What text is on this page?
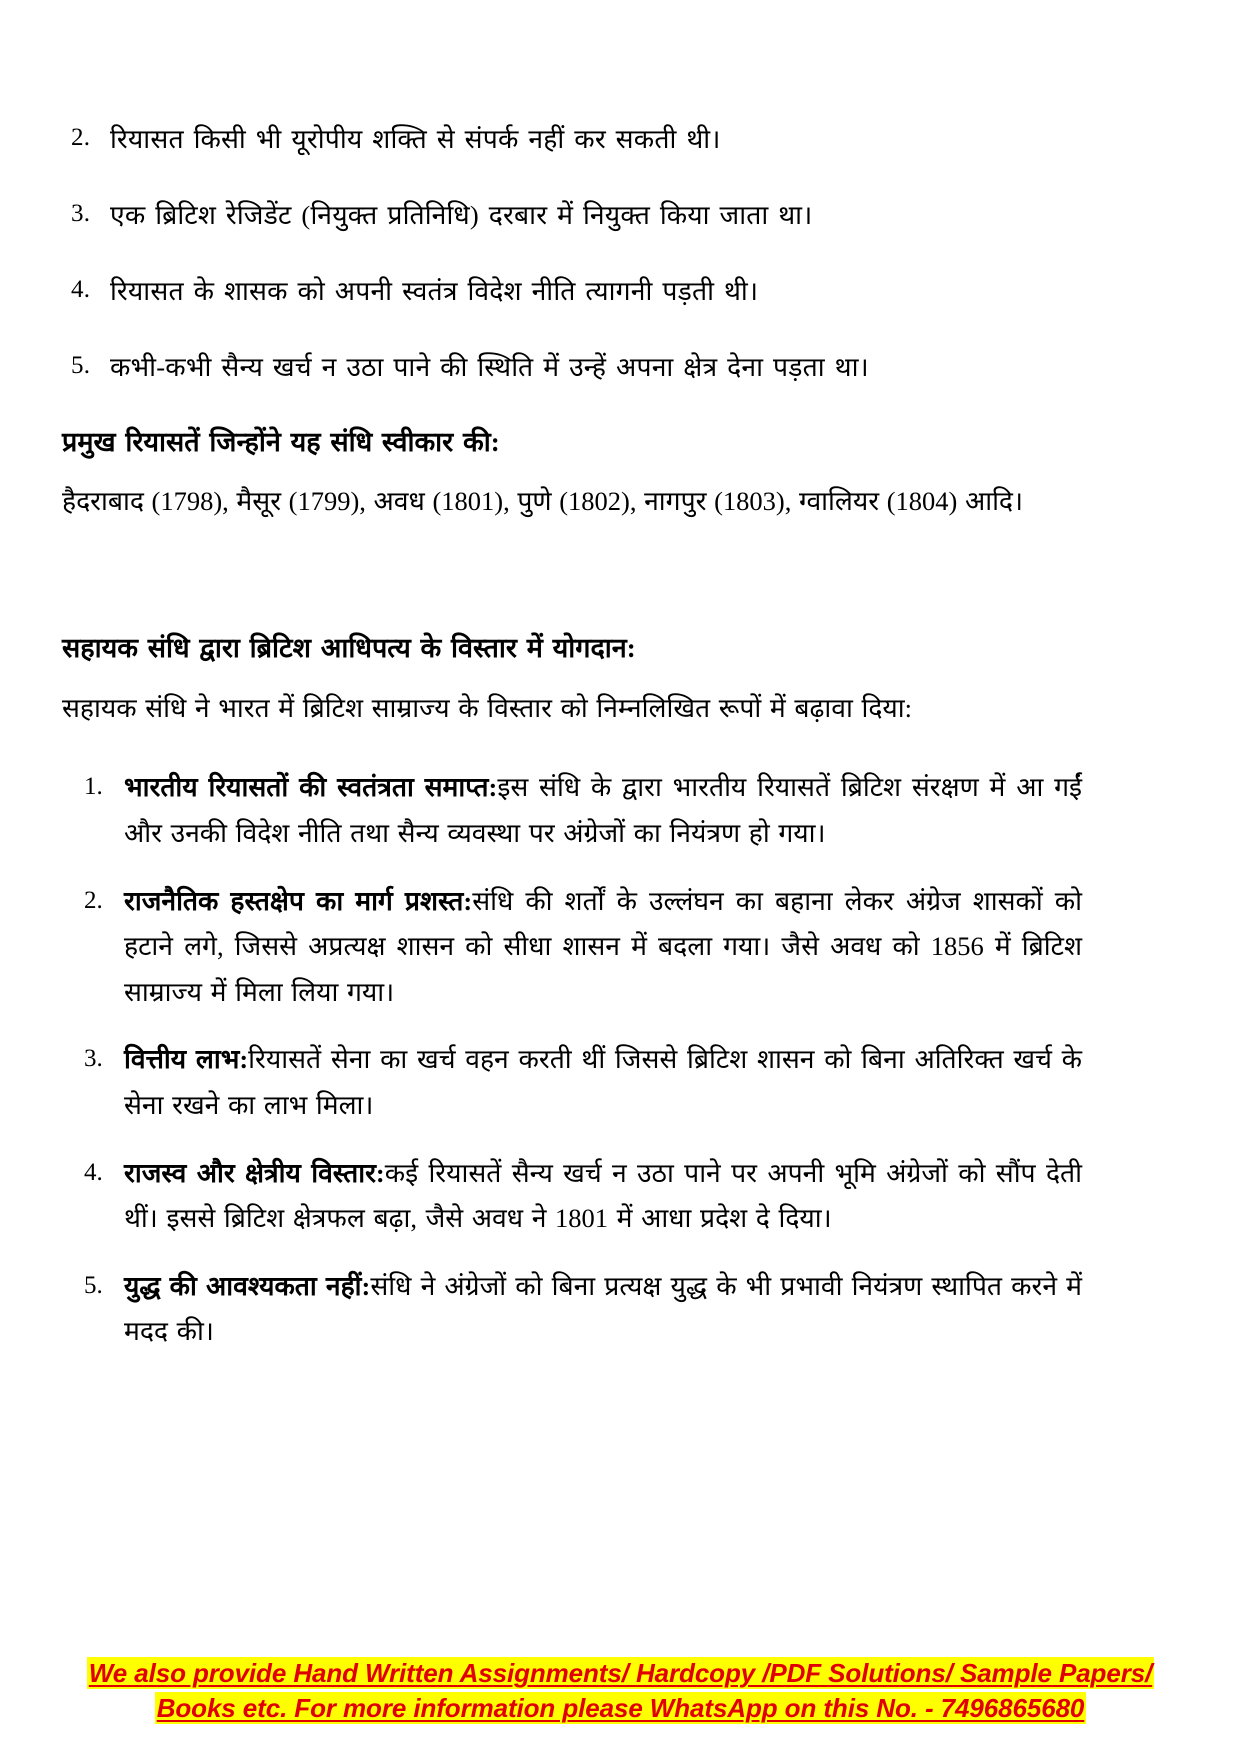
2. रियासत किसी भी यूरोपीय शक्ति से संपर्क नहीं कर सकती थी।
3. एक ब्रिटिश रेजिडेंट (नियुक्त प्रतिनिधि) दरबार में नियुक्त किया जाता था।
4. रियासत के शासक को अपनी स्वतंत्र विदेश नीति त्यागनी पड़ती थी।
5. कभी-कभी सैन्य खर्च न उठा पाने की स्थिति में उन्हें अपना क्षेत्र देना पड़ता था।

प्रमुख रियासतें जिन्होंने यह संधि स्वीकार की:

हैदराबाद (1798), मैसूर (1799), अवध (1801), पुणे (1802), नागपुर (1803), ग्वालियर (1804) आदि।

सहायक संधि द्वारा ब्रिटिश आधिपत्य के विस्तार में योगदान:

सहायक संधि ने भारत में ब्रिटिश साम्राज्य के विस्तार को निम्नलिखित रूपों में बढ़ावा दिया:

1. भारतीय रियासतों की स्वतंत्रता समाप्त:इस संधि के द्वारा भारतीय रियासतें ब्रिटिश संरक्षण में आ गईं और उनकी विदेश नीति तथा सैन्य व्यवस्था पर अंग्रेजों का नियंत्रण हो गया।
2. राजनैतिक हस्तक्षेप का मार्ग प्रशस्त:संधि की शर्तों के उल्लंघन का बहाना लेकर अंग्रेज शासकों को हटाने लगे, जिससे अप्रत्यक्ष शासन को सीधा शासन में बदला गया। जैसे अवध को 1856 में ब्रिटिश साम्राज्य में मिला लिया गया।
3. वित्तीय लाभ:रियासतें सेना का खर्च वहन करती थीं जिससे ब्रिटिश शासन को बिना अतिरिक्त खर्च के सेना रखने का लाभ मिला।
4. राजस्व और क्षेत्रीय विस्तार:कई रियासतें सैन्य खर्च न उठा पाने पर अपनी भूमि अंग्रेजों को सौंप देती थीं। इससे ब्रिटिश क्षेत्रफल बढ़ा, जैसे अवध ने 1801 में आधा प्रदेश दे दिया।
5. युद्ध की आवश्यकता नहीं:संधि ने अंग्रेजों को बिना प्रत्यक्ष युद्ध के भी प्रभावी नियंत्रण स्थापित करने में मदद की।
We also provide Hand Written Assignments/ Hardcopy /PDF Solutions/ Sample Papers/
Books etc. For more information please WhatsApp on this No. - 7496865680
